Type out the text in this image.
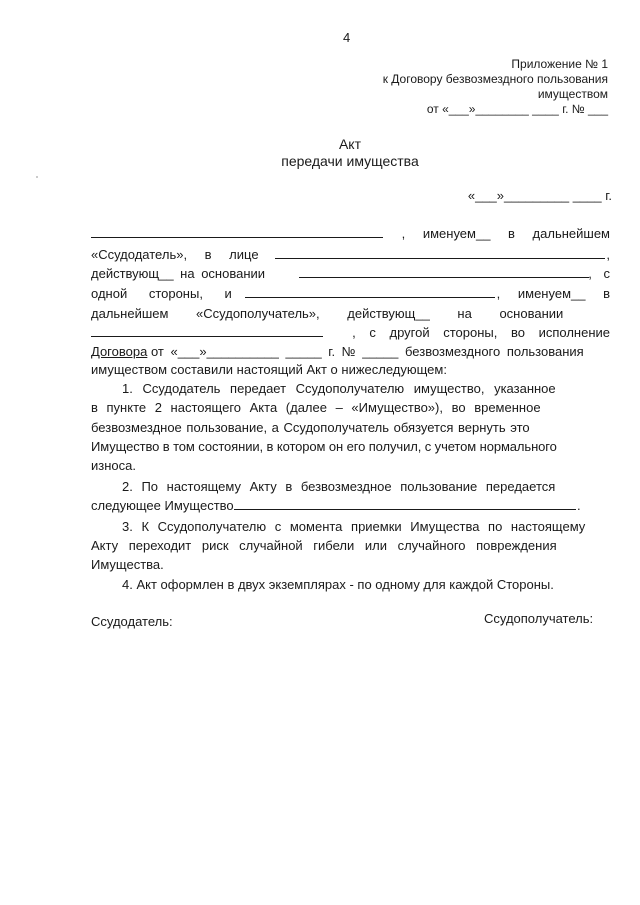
4
Приложение № 1
к Договору безвозмездного пользования
имуществом
от «___»________ ____ г. № ___
Акт
передачи имущества
«___»_________ ____ г.
, именуем__ в дальнейшем
«Ссудодатель», в лице	,
действующ__ на основании	, с
одной стороны, и	, именуем__ в
дальнейшем «Ссудополучатель», действующ__ на основании
, с другой стороны, во исполнение
Договора от «___»__________ _____ г. № _____ безвозмездного пользования
имуществом составили настоящий Акт о нижеследующем:
1. Ссудодатель передает Ссудополучателю имущество, указанное
в пункте 2 настоящего Акта (далее – «Имущество»), во временное
безвозмездное пользование, а Ссудополучатель обязуется вернуть это
Имущество в том состоянии, в котором он его получил, с учетом нормального
износа.
2. По настоящему Акту в безвозмездное пользование передается
следующее Имущество	.
3. К Ссудополучателю с момента приемки Имущества по настоящему
Акту переходит риск случайной гибели или случайного повреждения
Имущества.
4. Акт оформлен в двух экземплярах - по одному для каждой Стороны.
Ссудодатель:	Ссудополучатель:
